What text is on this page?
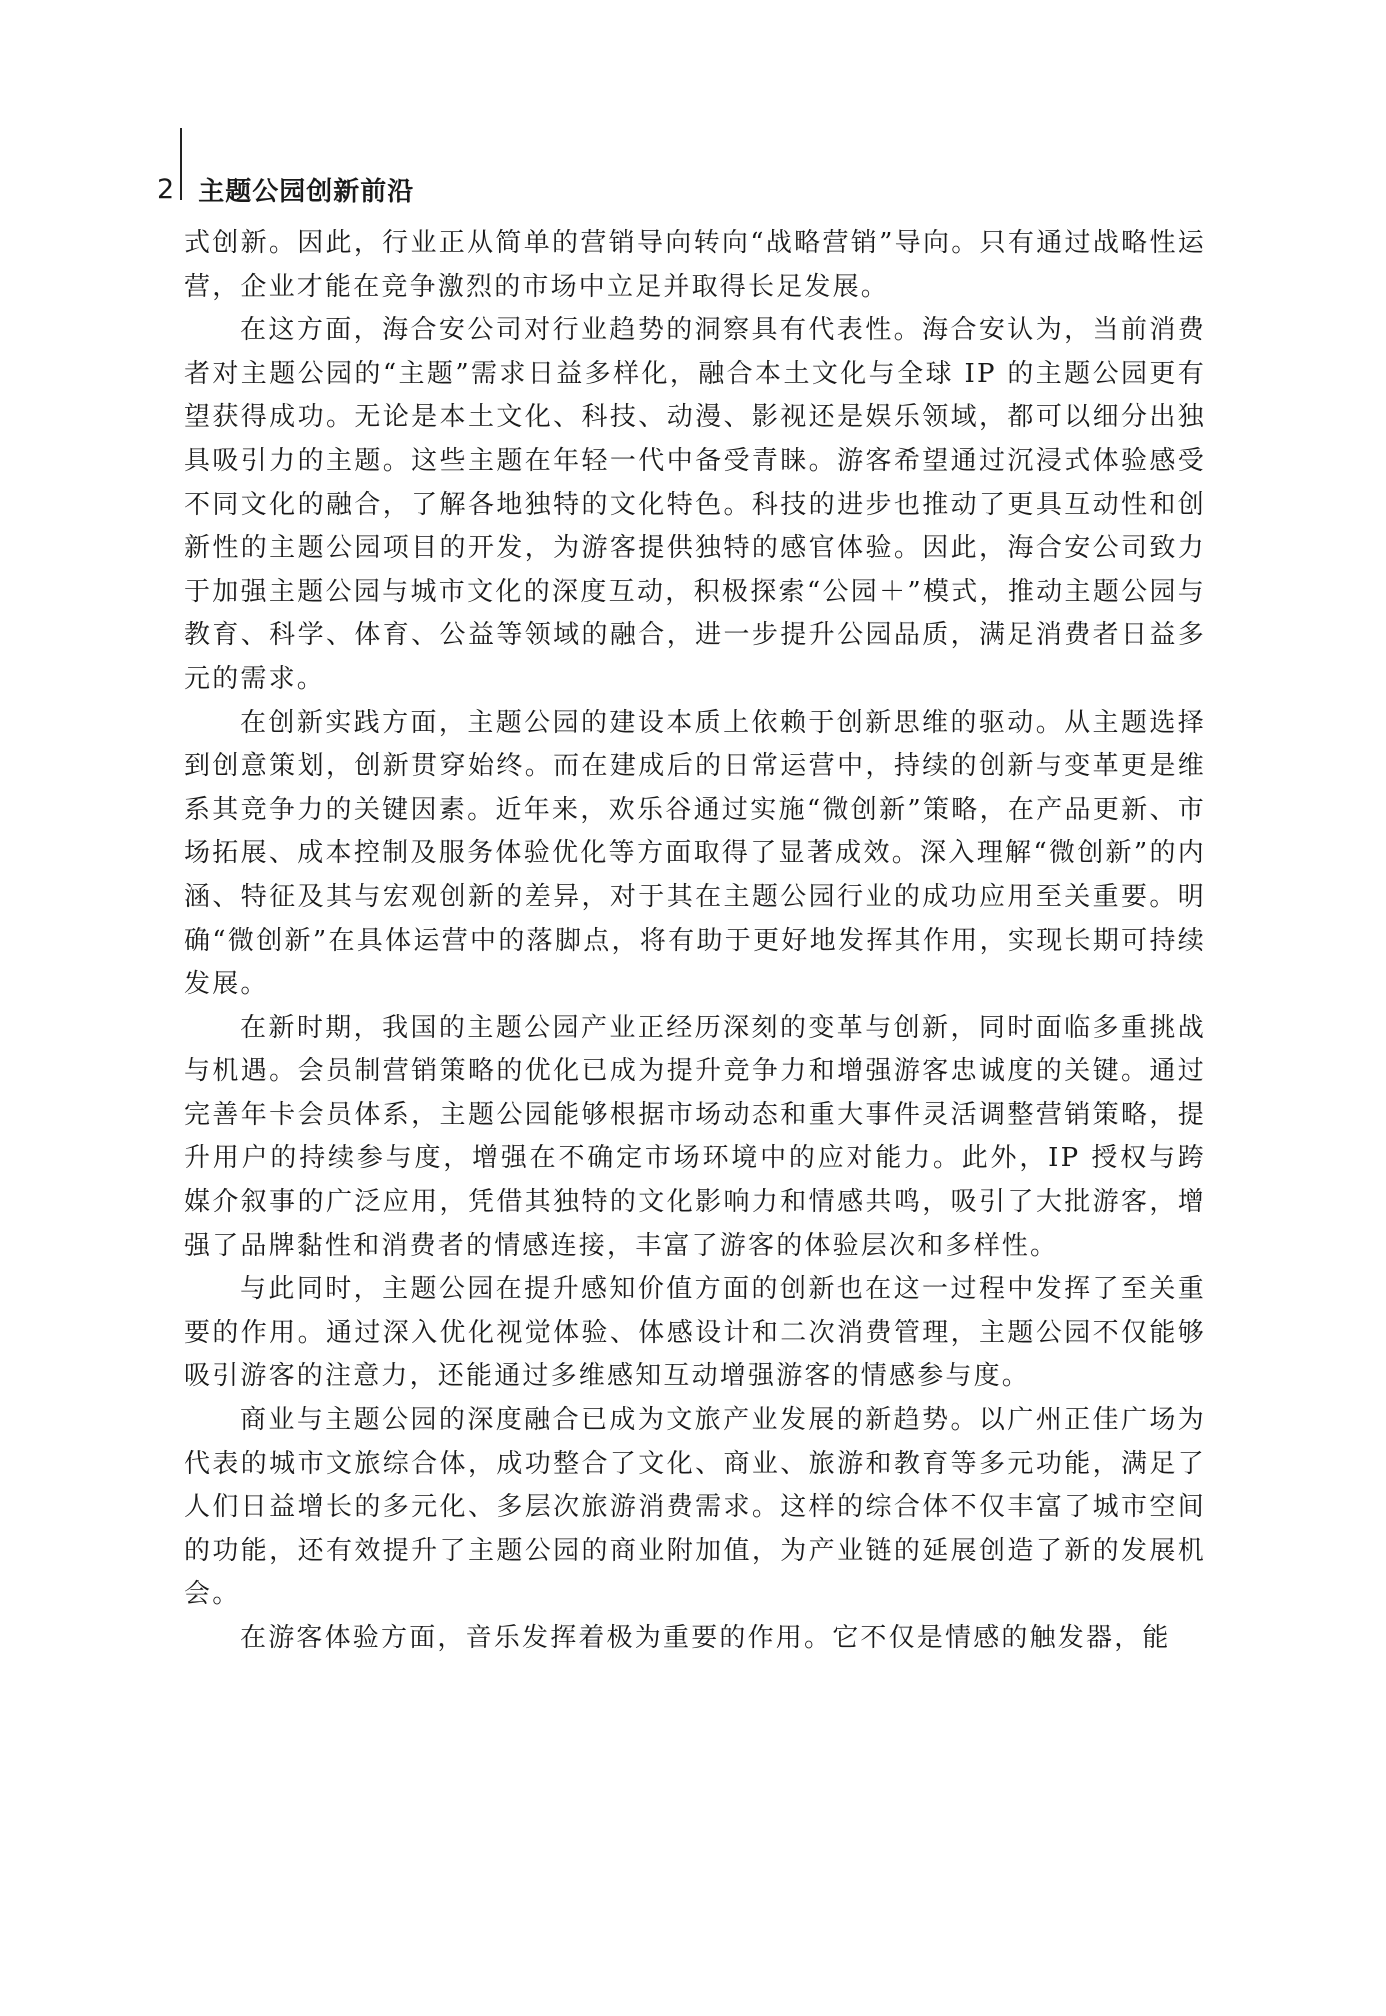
2 主题公园创新前沿

式创新。因此，行业正从简单的营销导向转向“战略营销”导向。只有通过战略性运营，企业才能在竞争激烈的市场中立足并取得长足发展。

在这方面，海合安公司对行业趋势的洞察具有代表性。海合安认为，当前消费者对主题公园的“主题”需求日益多样化，融合本土文化与全球 IP 的主题公园更有望获得成功。无论是本土文化、科技、动漫、影视还是娱乐领域，都可以细分出独具吸引力的主题。这些主题在年轻一代中备受青睐。游客希望通过沉浸式体验感受不同文化的融合，了解各地独特的文化特色。科技的进步也推动了更具互动性和创新性的主题公园项目的开发，为游客提供独特的感官体验。因此，海合安公司致力于加强主题公园与城市文化的深度互动，积极探索“公园＋”模式，推动主题公园与教育、科学、体育、公益等领域的融合，进一步提升公园品质，满足消费者日益多元的需求。

在创新实践方面，主题公园的建设本质上依赖于创新思维的驱动。从主题选择到创意策划，创新贯穿始终。而在建成后的日常运营中，持续的创新与变革更是维系其竞争力的关键因素。近年来，欢乐谷通过实施“微创新”策略，在产品更新、市场拓展、成本控制及服务体验优化等方面取得了显著成效。深入理解“微创新”的内涵、特征及其与宏观创新的差异，对于其在主题公园行业的成功应用至关重要。明确“微创新”在具体运营中的落脚点，将有助于更好地发挥其作用，实现长期可持续发展。

在新时期，我国的主题公园产业正经历深刻的变革与创新，同时面临多重挑战与机遇。会员制营销策略的优化已成为提升竞争力和增强游客忠诚度的关键。通过完善年卡会员体系，主题公园能够根据市场动态和重大事件灵活调整营销策略，提升用户的持续参与度，增强在不确定市场环境中的应对能力。此外，IP 授权与跨媒介叙事的广泛应用，凭借其独特的文化影响力和情感共鸣，吸引了大批游客，增强了品牌黏性和消费者的情感连接，丰富了游客的体验层次和多样性。

与此同时，主题公园在提升感知价值方面的创新也在这一过程中发挥了至关重要的作用。通过深入优化视觉体验、体感设计和二次消费管理，主题公园不仅能够吸引游客的注意力，还能通过多维感知互动增强游客的情感参与度。

商业与主题公园的深度融合已成为文旅产业发展的新趋势。以广州正佳广场为代表的城市文旅综合体，成功整合了文化、商业、旅游和教育等多元功能，满足了人们日益增长的多元化、多层次旅游消费需求。这样的综合体不仅丰富了城市空间的功能，还有效提升了主题公园的商业附加值，为产业链的延展创造了新的发展机会。

在游客体验方面，音乐发挥着极为重要的作用。它不仅是情感的触发器，能
